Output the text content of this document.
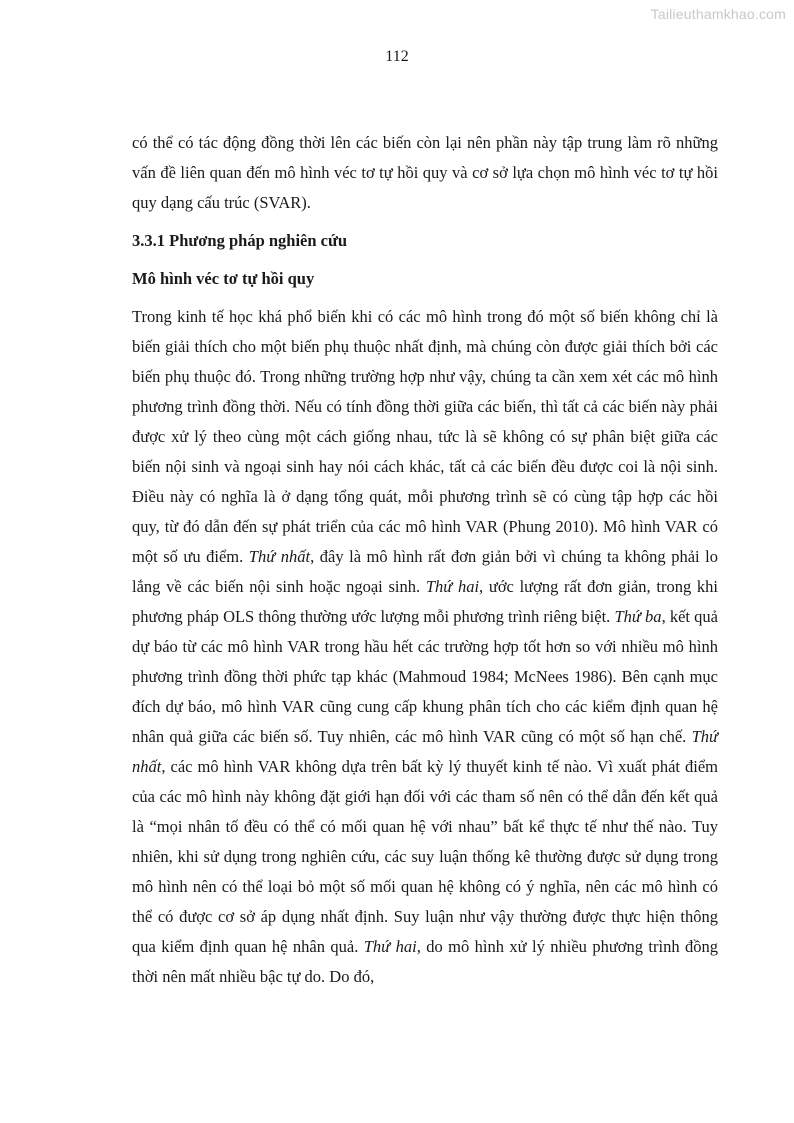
Tailieuthamkhao.com
112

có thể có tác động đồng thời lên các biến còn lại nên phần này tập trung làm rõ những vấn đề liên quan đến mô hình véc tơ tự hồi quy và cơ sở lựa chọn mô hình véc tơ tự hồi quy dạng cấu trúc (SVAR).

3.3.1 Phương pháp nghiên cứu

Mô hình véc tơ tự hồi quy

Trong kinh tế học khá phổ biến khi có các mô hình trong đó một số biến không chỉ là biến giải thích cho một biến phụ thuộc nhất định, mà chúng còn được giải thích bởi các biến phụ thuộc đó. Trong những trường hợp như vậy, chúng ta cần xem xét các mô hình phương trình đồng thời. Nếu có tính đồng thời giữa các biến, thì tất cả các biến này phải được xử lý theo cùng một cách giống nhau, tức là sẽ không có sự phân biệt giữa các biến nội sinh và ngoại sinh hay nói cách khác, tất cả các biến đều được coi là nội sinh. Điều này có nghĩa là ở dạng tổng quát, mỗi phương trình sẽ có cùng tập hợp các hồi quy, từ đó dẫn đến sự phát triển của các mô hình VAR (Phung 2010). Mô hình VAR có một số ưu điểm. Thứ nhất, đây là mô hình rất đơn giản bởi vì chúng ta không phải lo lắng về các biến nội sinh hoặc ngoại sinh. Thứ hai, ước lượng rất đơn giản, trong khi phương pháp OLS thông thường ước lượng mỗi phương trình riêng biệt. Thứ ba, kết quả dự báo từ các mô hình VAR trong hầu hết các trường hợp tốt hơn so với nhiều mô hình phương trình đồng thời phức tạp khác (Mahmoud 1984; McNees 1986). Bên cạnh mục đích dự báo, mô hình VAR cũng cung cấp khung phân tích cho các kiểm định quan hệ nhân quả giữa các biến số. Tuy nhiên, các mô hình VAR cũng có một số hạn chế. Thứ nhất, các mô hình VAR không dựa trên bất kỳ lý thuyết kinh tế nào. Vì xuất phát điểm của các mô hình này không đặt giới hạn đối với các tham số nên có thể dẫn đến kết quả là “mọi nhân tố đều có thể có mối quan hệ với nhau” bất kể thực tế như thế nào. Tuy nhiên, khi sử dụng trong nghiên cứu, các suy luận thống kê thường được sử dụng trong mô hình nên có thể loại bỏ một số mối quan hệ không có ý nghĩa, nên các mô hình có thể có được cơ sở áp dụng nhất định. Suy luận như vậy thường được thực hiện thông qua kiểm định quan hệ nhân quả. Thứ hai, do mô hình xử lý nhiều phương trình đồng thời nên mất nhiều bậc tự do. Do đó,
